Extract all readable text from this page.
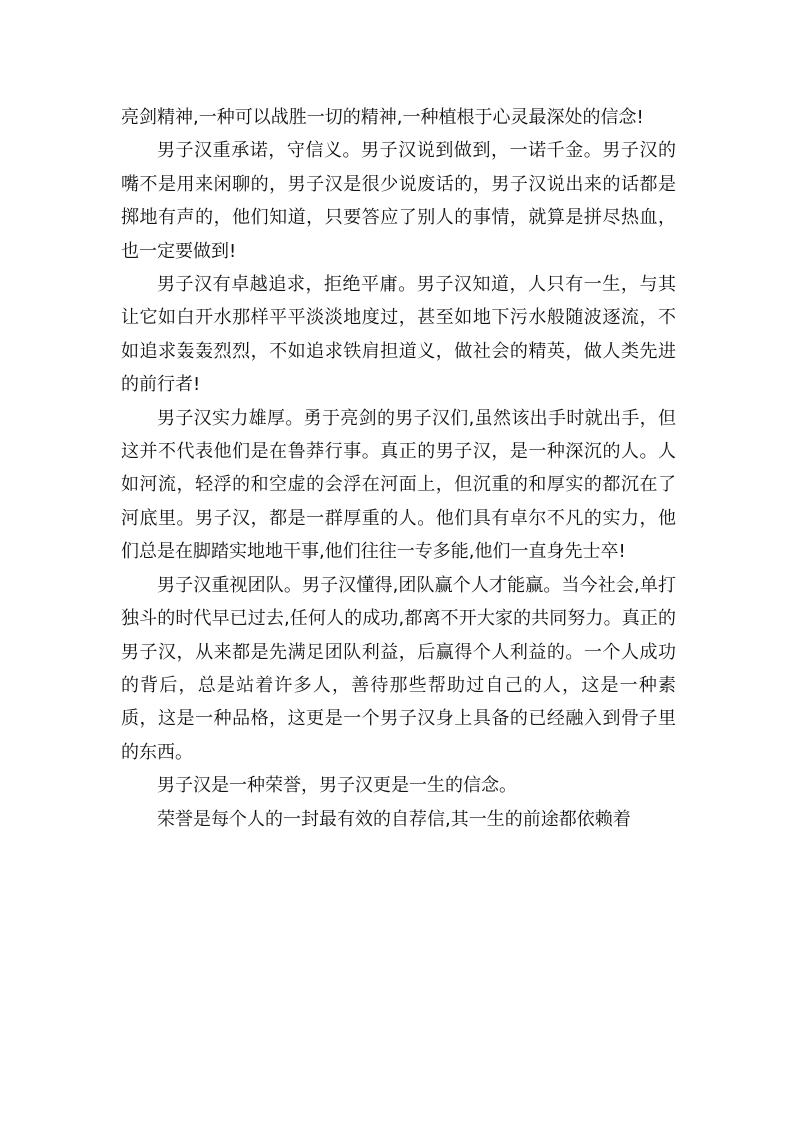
亮剑精神,一种可以战胜一切的精神,一种植根于心灵最深处的信念!

男子汉重承诺，守信义。男子汉说到做到，一诺千金。男子汉的嘴不是用来闲聊的，男子汉是很少说废话的，男子汉说出来的话都是掷地有声的，他们知道，只要答应了别人的事情，就算是拼尽热血，也一定要做到!

男子汉有卓越追求，拒绝平庸。男子汉知道，人只有一生，与其让它如白开水那样平平淡淡地度过，甚至如地下污水般随波逐流，不如追求轰轰烈烈，不如追求铁肩担道义，做社会的精英，做人类先进的前行者!

男子汉实力雄厚。勇于亮剑的男子汉们,虽然该出手时就出手，但这并不代表他们是在鲁莽行事。真正的男子汉，是一种深沉的人。人如河流，轻浮的和空虚的会浮在河面上，但沉重的和厚实的都沉在了河底里。男子汉，都是一群厚重的人。他们具有卓尔不凡的实力，他们总是在脚踏实地地干事,他们往往一专多能,他们一直身先士卒!

男子汉重视团队。男子汉懂得,团队赢个人才能赢。当今社会,单打独斗的时代早已过去,任何人的成功,都离不开大家的共同努力。真正的男子汉，从来都是先满足团队利益，后赢得个人利益的。一个人成功的背后，总是站着许多人，善待那些帮助过自己的人，这是一种素质，这是一种品格，这更是一个男子汉身上具备的已经融入到骨子里的东西。

男子汉是一种荣誉，男子汉更是一生的信念。

荣誉是每个人的一封最有效的自荐信,其一生的前途都依赖着
